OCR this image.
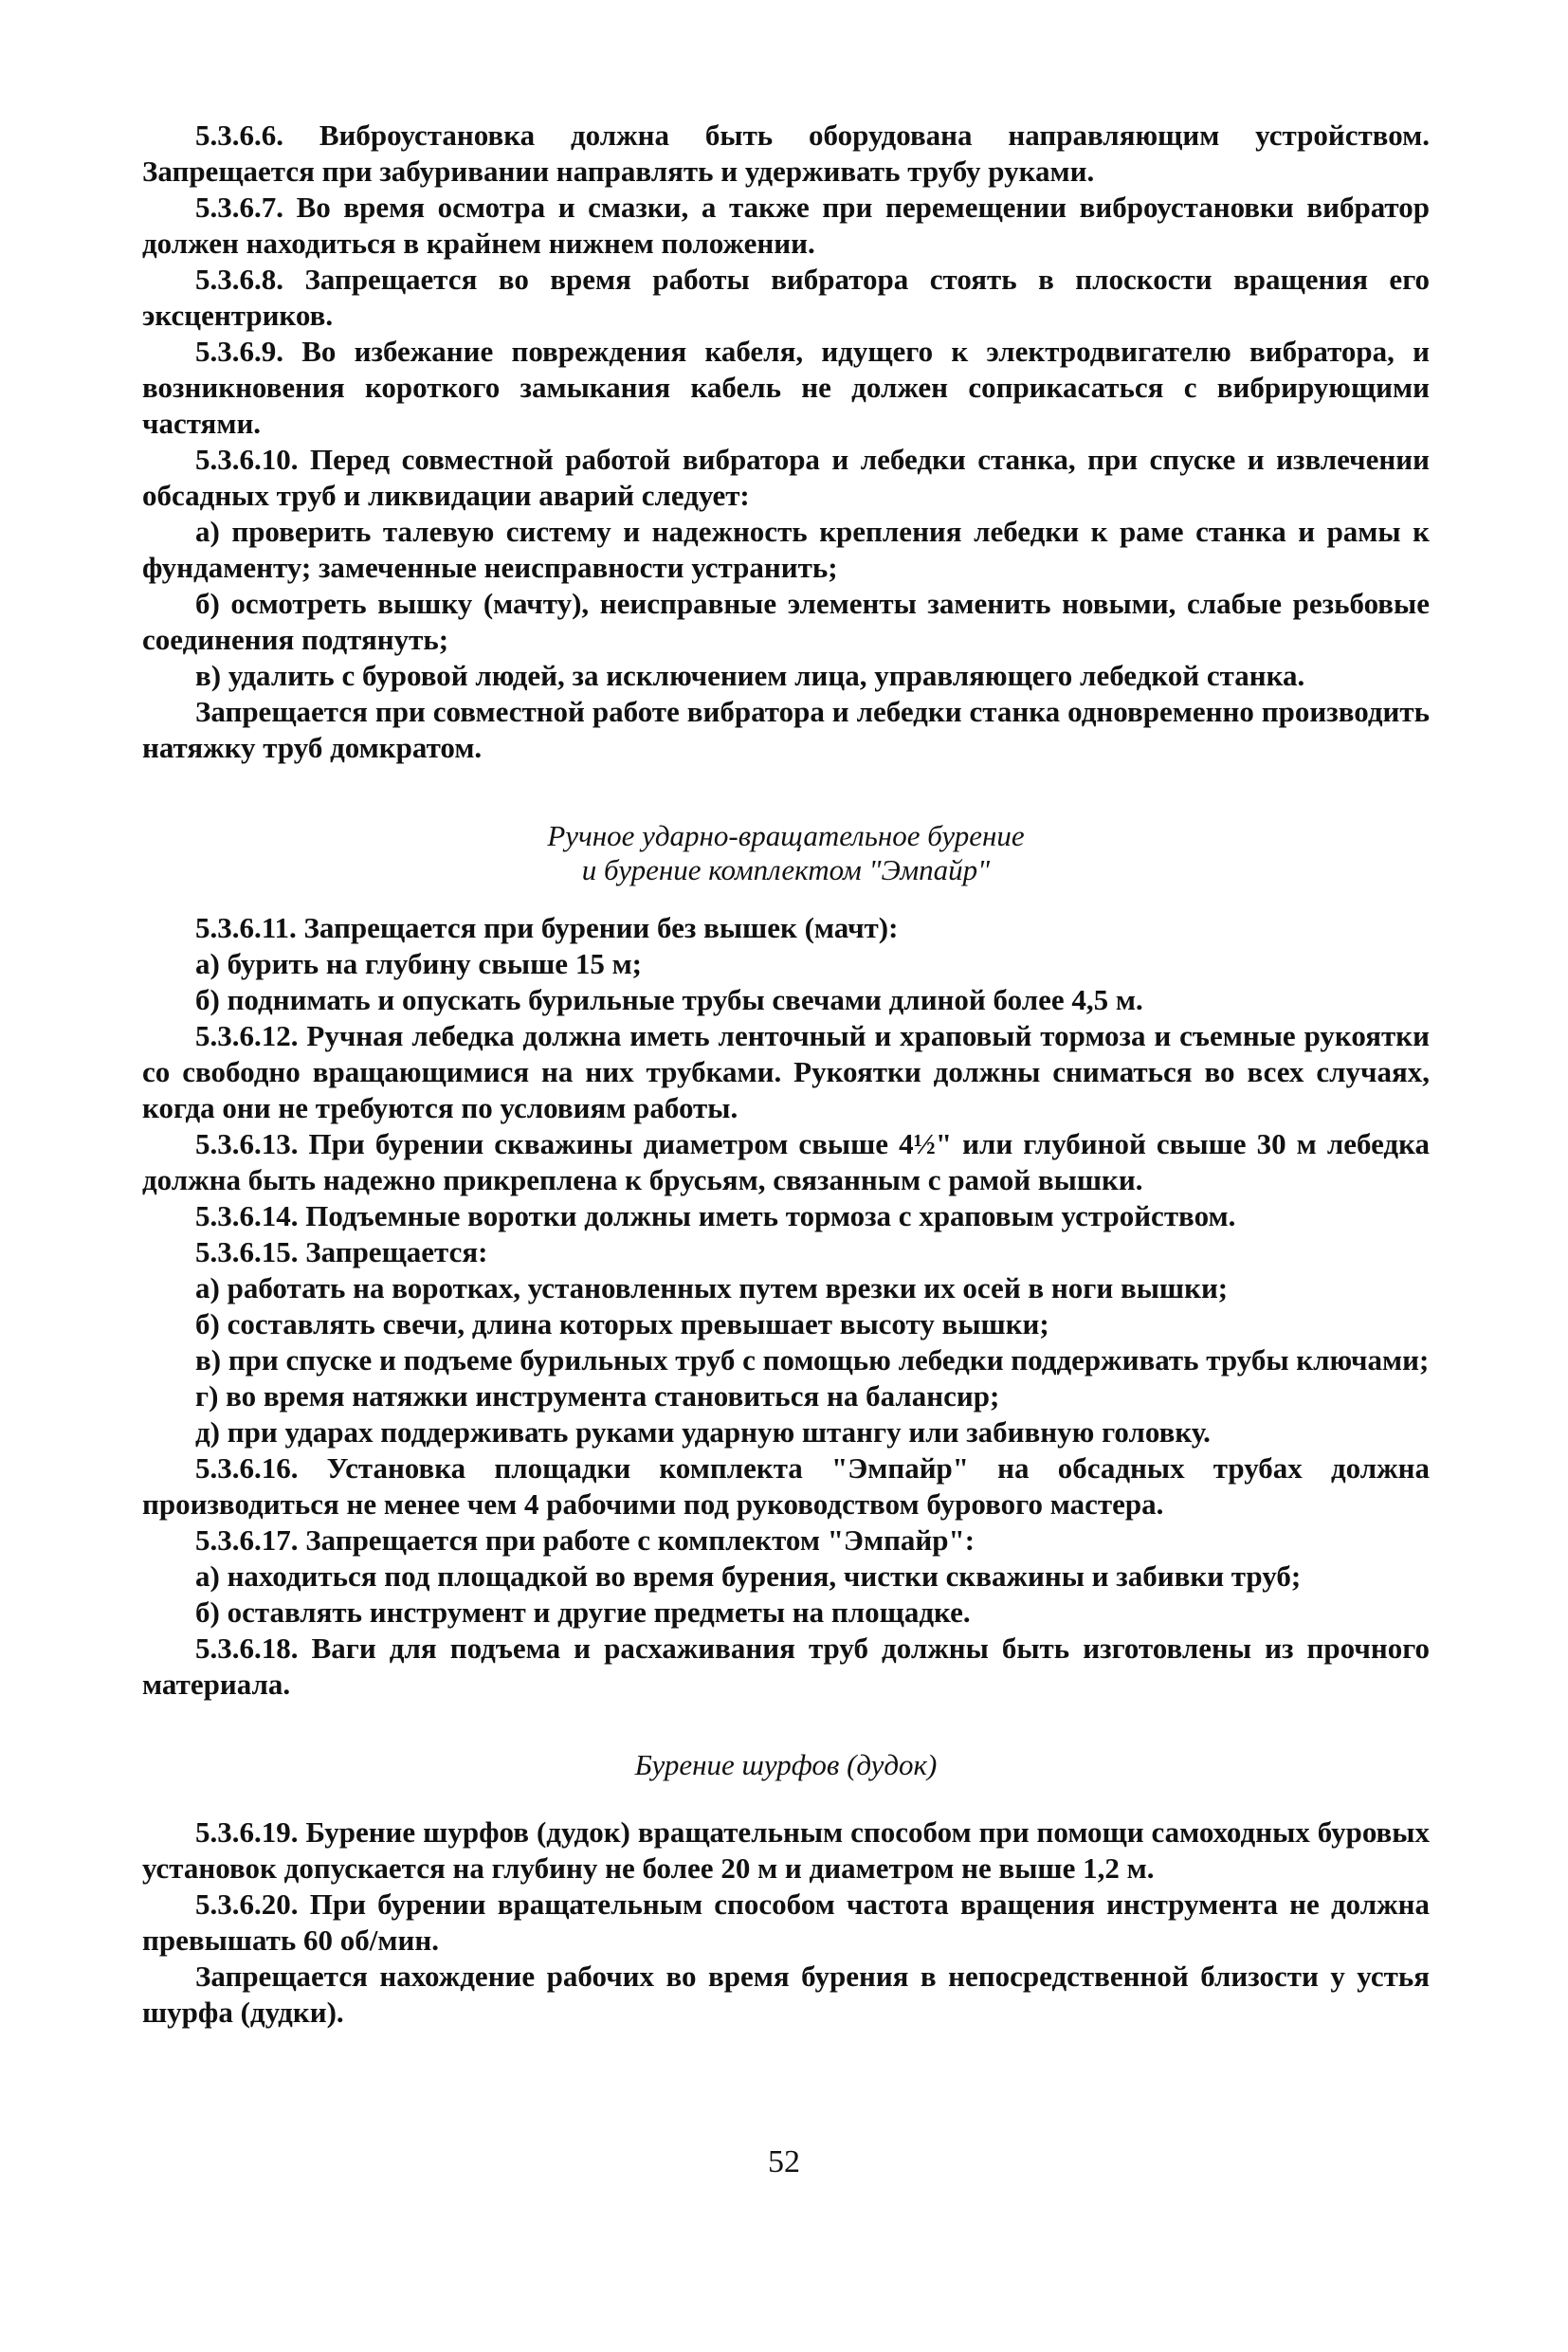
5.3.6.6. Виброустановка должна быть оборудована направляющим устройством. Запрещается при забуривании направлять и удерживать трубу руками.

5.3.6.7. Во время осмотра и смазки, а также при перемещении виброустановки вибратор должен находиться в крайнем нижнем положении.

5.3.6.8. Запрещается во время работы вибратора стоять в плоскости вращения его эксцентриков.

5.3.6.9. Во избежание повреждения кабеля, идущего к электродвигателю вибратора, и возникновения короткого замыкания кабель не должен соприкасаться с вибрирующими частями.

5.3.6.10. Перед совместной работой вибратора и лебедки станка, при спуске и извлечении обсадных труб и ликвидации аварий следует:

а) проверить талевую систему и надежность крепления лебедки к раме станка и рамы к фундаменту; замеченные неисправности устранить;

б) осмотреть вышку (мачту), неисправные элементы заменить новыми, слабые резьбовые соединения подтянуть;

в) удалить с буровой людей, за исключением лица, управляющего лебедкой станка.

Запрещается при совместной работе вибратора и лебедки станка одновременно производить натяжку труб домкратом.

Ручное ударно-вращательное бурение
и бурение комплектом "Эмпайр"

5.3.6.11. Запрещается при бурении без вышек (мачт):

а) бурить на глубину свыше 15 м;

б) поднимать и опускать бурильные трубы свечами длиной более 4,5 м.

5.3.6.12. Ручная лебедка должна иметь ленточный и храповый тормоза и съемные рукоятки со свободно вращающимися на них трубками. Рукоятки должны сниматься во всех случаях, когда они не требуются по условиям работы.

5.3.6.13. При бурении скважины диаметром свыше 4½" или глубиной свыше 30 м лебедка должна быть надежно прикреплена к брусьям, связанным с рамой вышки.

5.3.6.14. Подъемные воротки должны иметь тормоза с храповым устройством.

5.3.6.15. Запрещается:

а) работать на воротках, установленных путем врезки их осей в ноги вышки;

б) составлять свечи, длина которых превышает высоту вышки;

в) при спуске и подъеме бурильных труб с помощью лебедки поддерживать трубы ключами;

г) во время натяжки инструмента становиться на балансир;

д) при ударах поддерживать руками ударную штангу или забивную головку.

5.3.6.16. Установка площадки комплекта "Эмпайр" на обсадных трубах должна производиться не менее чем 4 рабочими под руководством бурового мастера.

5.3.6.17. Запрещается при работе с комплектом "Эмпайр":

а) находиться под площадкой во время бурения, чистки скважины и забивки труб;

б) оставлять инструмент и другие предметы на площадке.

5.3.6.18. Ваги для подъема и расхаживания труб должны быть изготовлены из прочного материала.

Бурение шурфов (дудок)

5.3.6.19. Бурение шурфов (дудок) вращательным способом при помощи самоходных буровых установок допускается на глубину не более 20 м и диаметром не выше 1,2 м.

5.3.6.20. При бурении вращательным способом частота вращения инструмента не должна превышать 60 об/мин.

Запрещается нахождение рабочих во время бурения в непосредственной близости у устья шурфа (дудки).

52
